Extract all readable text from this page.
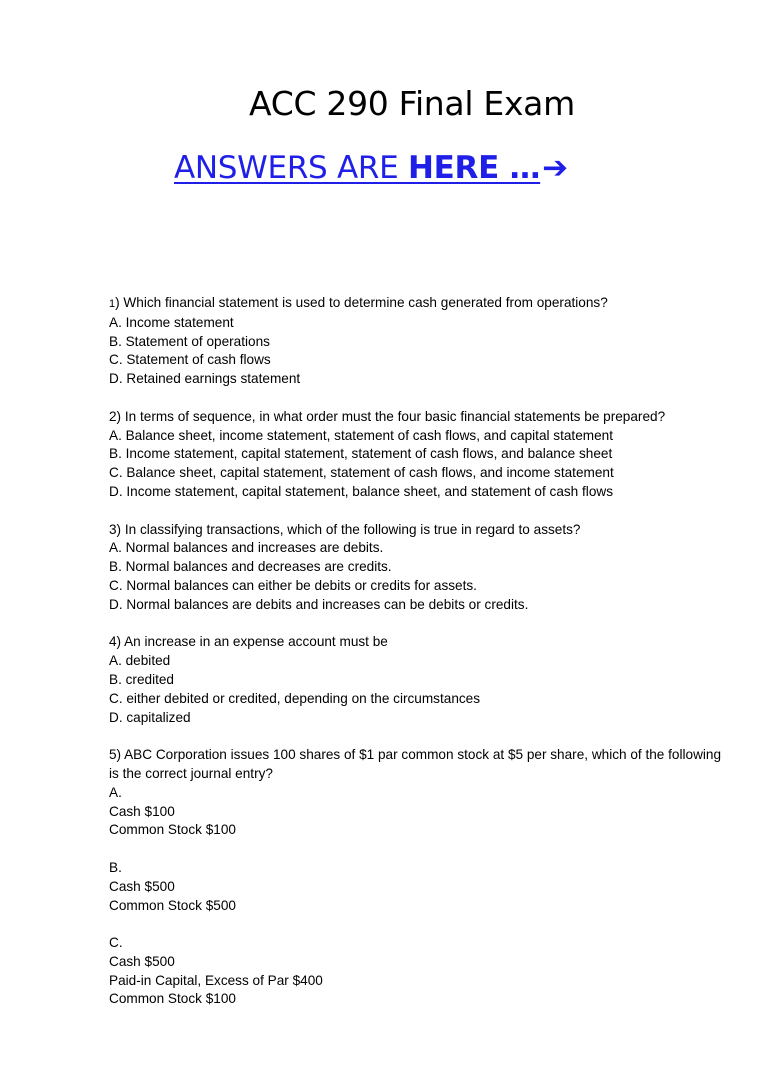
ACC 290 Final Exam
ANSWERS ARE HERE …➔
1) Which financial statement is used to determine cash generated from operations?
A. Income statement
B. Statement of operations
C. Statement of cash flows
D. Retained earnings statement
2) In terms of sequence, in what order must the four basic financial statements be prepared?
A. Balance sheet, income statement, statement of cash flows, and capital statement
B. Income statement, capital statement, statement of cash flows, and balance sheet
C. Balance sheet, capital statement, statement of cash flows, and income statement
D. Income statement, capital statement, balance sheet, and statement of cash flows
3) In classifying transactions, which of the following is true in regard to assets?
A. Normal balances and increases are debits.
B. Normal balances and decreases are credits.
C. Normal balances can either be debits or credits for assets.
D. Normal balances are debits and increases can be debits or credits.
4) An increase in an expense account must be
A. debited
B. credited
C. either debited or credited, depending on the circumstances
D. capitalized
5) ABC Corporation issues 100 shares of $1 par common stock at $5 per share, which of the following is the correct journal entry?
A.
Cash $100
Common Stock $100
B.
Cash $500
Common Stock $500
C.
Cash $500
Paid-in Capital, Excess of Par $400
Common Stock $100
